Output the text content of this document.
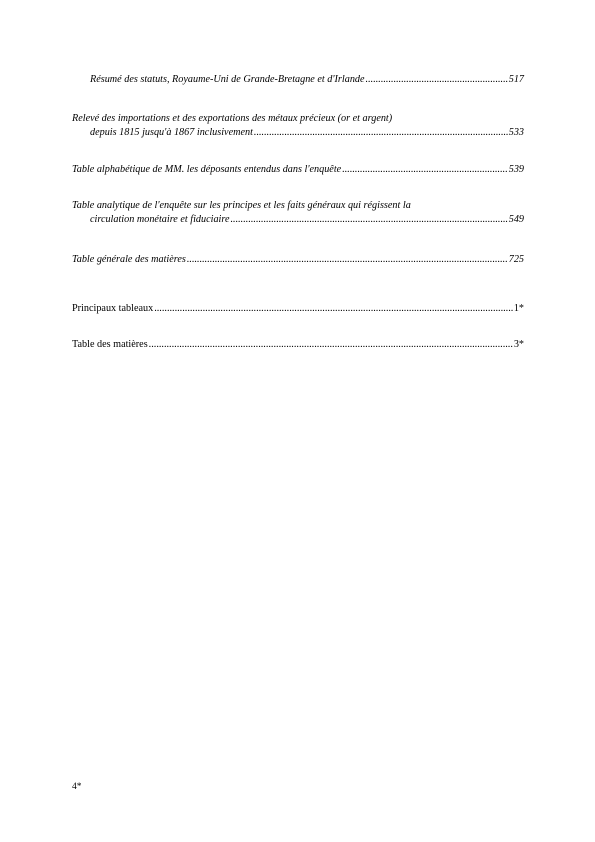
Résumé des statuts, Royaume-Uni de Grande-Bretagne et d'Irlande .....	517
Relevé des importations et des exportations des métaux précieux (or et argent)
depuis 1815 jusqu'à 1867 inclusivement .....	533
Table alphabétique de MM. les déposants entendus dans l'enquête .....	539
Table analytique de l'enquête sur les principes et les faits généraux qui régissent la
circulation monétaire et fiduciaire .....	549
Table générale des matières .....	725
Principaux tableaux .....	1*
Table des matières .....	3*
4*
